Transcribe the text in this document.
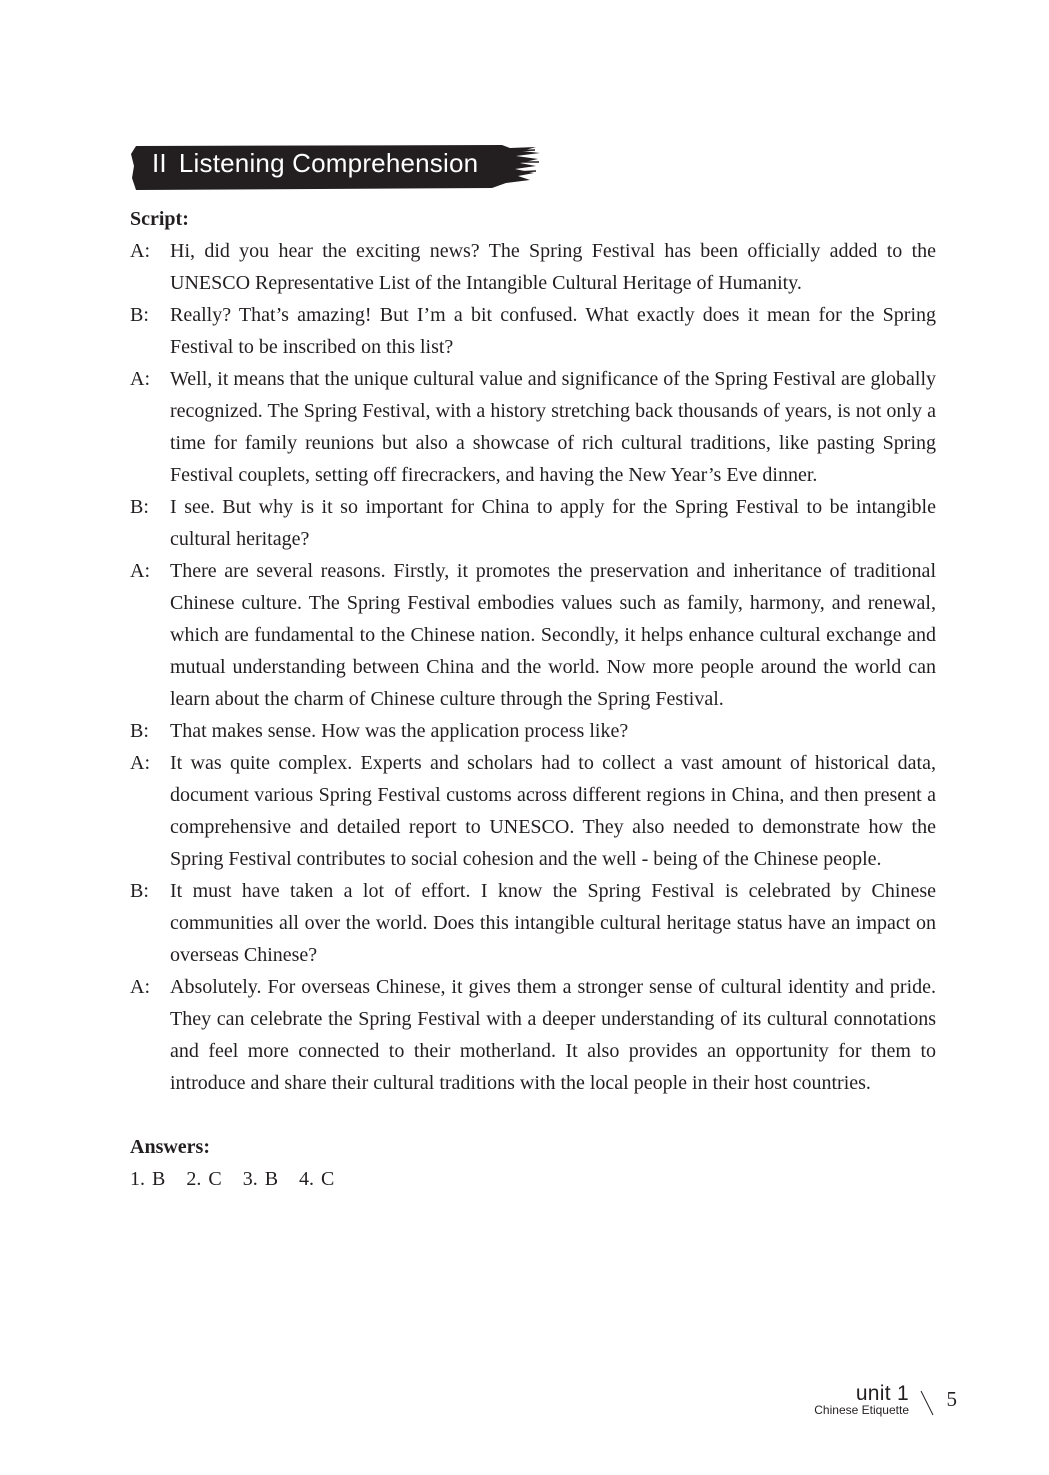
II Listening Comprehension
Script:
A: Hi, did you hear the exciting news? The Spring Festival has been officially added to the UNESCO Representative List of the Intangible Cultural Heritage of Humanity.
B: Really? That’s amazing! But I’m a bit confused. What exactly does it mean for the Spring Festival to be inscribed on this list?
A: Well, it means that the unique cultural value and significance of the Spring Festival are globally recognized. The Spring Festival, with a history stretching back thousands of years, is not only a time for family reunions but also a showcase of rich cultural traditions, like pasting Spring Festival couplets, setting off firecrackers, and having the New Year’s Eve dinner.
B: I see. But why is it so important for China to apply for the Spring Festival to be intangible cultural heritage?
A: There are several reasons. Firstly, it promotes the preservation and inheritance of traditional Chinese culture. The Spring Festival embodies values such as family, harmony, and renewal, which are fundamental to the Chinese nation. Secondly, it helps enhance cultural exchange and mutual understanding between China and the world. Now more people around the world can learn about the charm of Chinese culture through the Spring Festival.
B: That makes sense. How was the application process like?
A: It was quite complex. Experts and scholars had to collect a vast amount of historical data, document various Spring Festival customs across different regions in China, and then present a comprehensive and detailed report to UNESCO. They also needed to demonstrate how the Spring Festival contributes to social cohesion and the well - being of the Chinese people.
B: It must have taken a lot of effort. I know the Spring Festival is celebrated by Chinese communities all over the world. Does this intangible cultural heritage status have an impact on overseas Chinese?
A: Absolutely. For overseas Chinese, it gives them a stronger sense of cultural identity and pride. They can celebrate the Spring Festival with a deeper understanding of its cultural connotations and feel more connected to their motherland. It also provides an opportunity for them to introduce and share their cultural traditions with the local people in their host countries.
Answers:
1. B 2. C 3. B 4. C
unit 1
Chinese Etiquette 5
